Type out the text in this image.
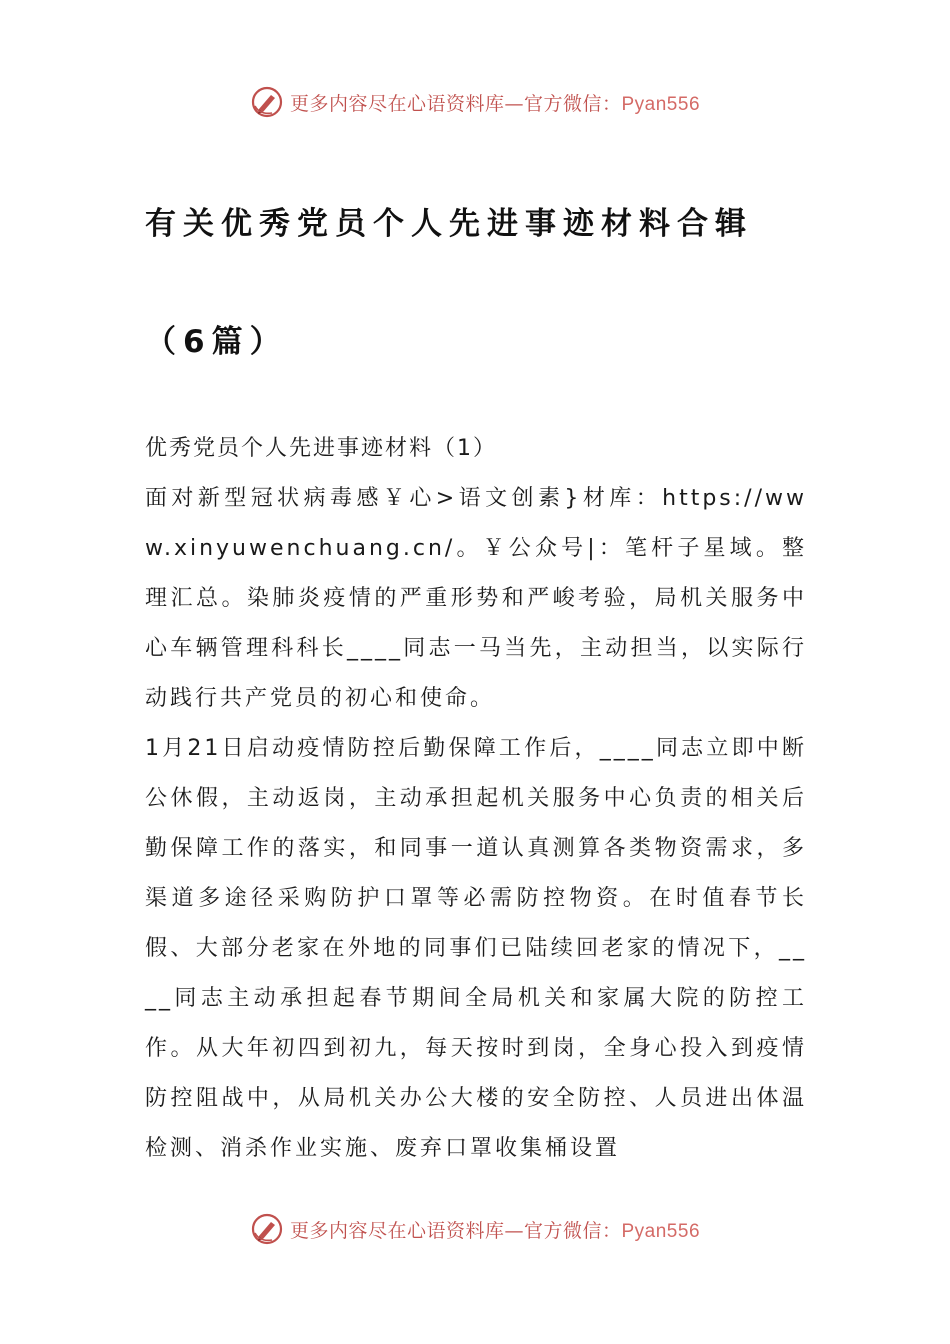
更多内容尽在心语资料库—官方微信：Pyan556
有关优秀党员个人先进事迹材料合辑（6篇）

优秀党员个人先进事迹材料（1）

面对新型冠状病毒感￥心>语文创素}材库：https://www.xinyuwenchuang.cn/。￥公众号|：笔杆子星域。整理汇总。染肺炎疫情的严重形势和严峻考验，局机关服务中心车辆管理科科长____同志一马当先，主动担当，以实际行动践行共产党员的初心和使命。

1月21日启动疫情防控后勤保障工作后，____同志立即中断公休假，主动返岗，主动承担起机关服务中心负责的相关后勤保障工作的落实，和同事一道认真测算各类物资需求，多渠道多途径采购防护口罩等必需防控物资。在时值春节长假、大部分老家在外地的同事们已陆续回老家的情况下，____同志主动承担起春节期间全局机关和家属大院的防控工作。从大年初四到初九，每天按时到岗，全身心投入到疫情防控阻战中，从局机关办公大楼的安全防控、人员进出体温检测、消杀作业实施、废弃口罩收集桶设置

更多内容尽在心语资料库—官方微信：Pyan556
